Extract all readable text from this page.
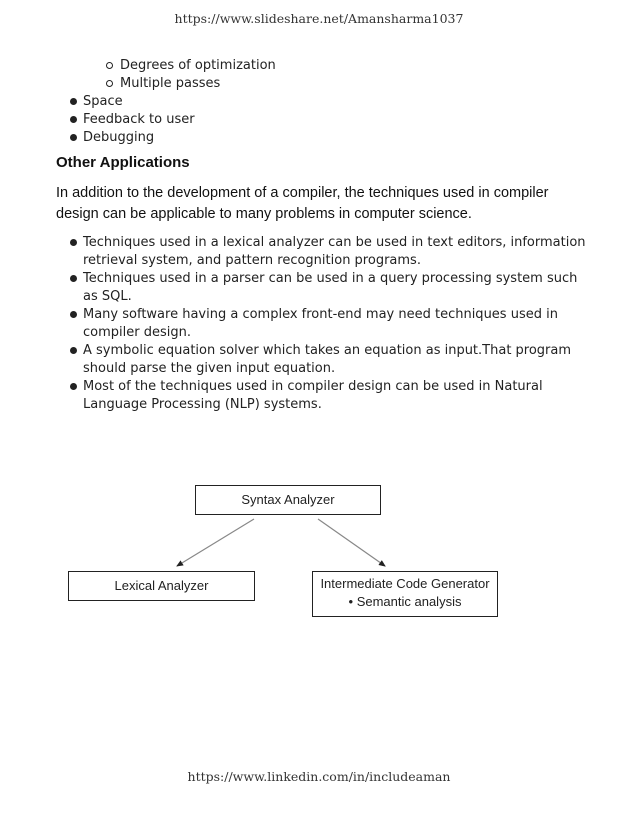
https://www.slideshare.net/Amansharma1037
Degrees of optimization
Multiple passes
Space
Feedback to user
Debugging
Other Applications

In addition to the development of a compiler, the techniques used in compiler design can be applicable to many problems in computer science.

Techniques used in a lexical analyzer can be used in text editors, information retrieval system, and pattern recognition programs.
Techniques used in a parser can be used in a query processing system such as SQL.
Many software having a complex front-end may need techniques used in compiler design.
A symbolic equation solver which takes an equation as input.That program should parse the given input equation.
Most of the techniques used in compiler design can be used in Natural Language Processing (NLP) systems.
Syntax Analyzer
Lexical Analyzer	Intermediate Code Generator
• Semantic analysis
https://www.linkedin.com/in/includeaman
